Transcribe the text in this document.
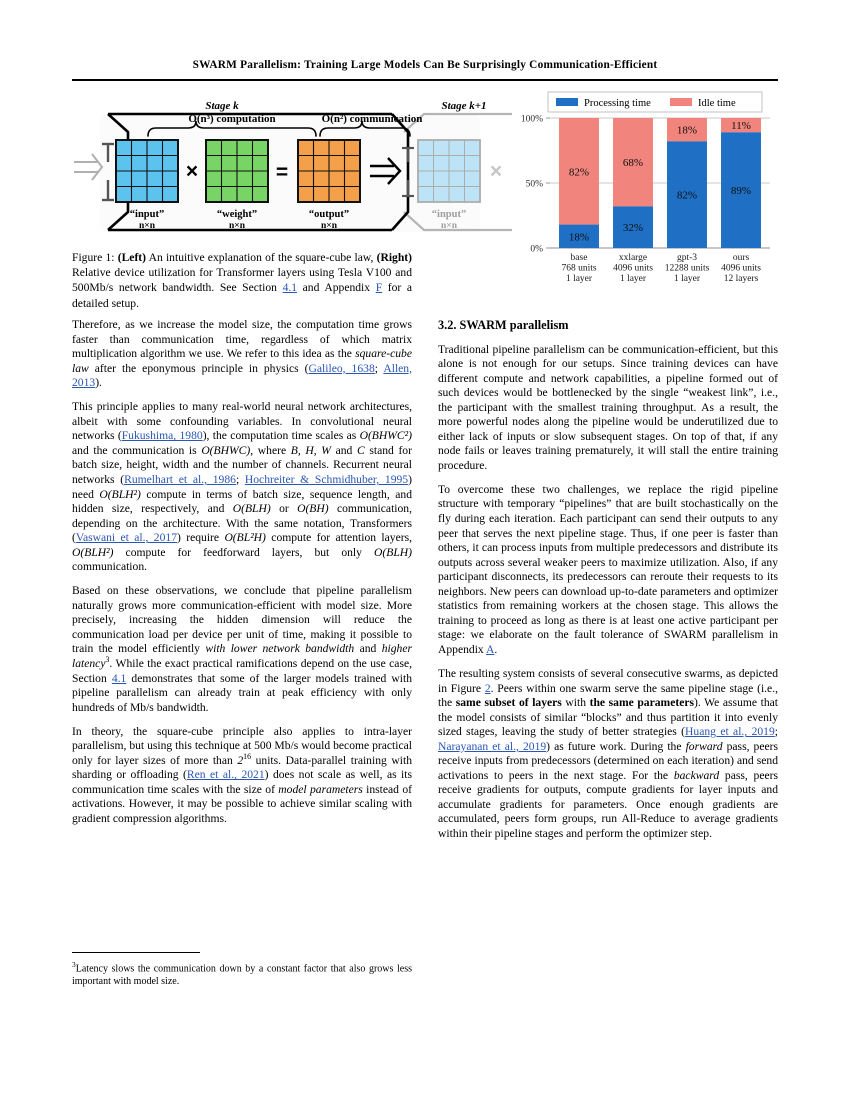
SWARM Parallelism: Training Large Models Can Be Surprisingly Communication-Efficient
Stage k	Stage k+1
O(n³) computation	O(n²) communication
“input”
n×n
×
“weight”
n×n
=
“output”
n×n
“input”
n×n
×
Processing time	Idle time
0%
50%
100%
82%
18%
68%
32%
18%
82%
11%
89%
base
768 units
1 layer
xxlarge
4096 units
1 layer
gpt-3
12288 units
1 layer
ours
4096 units
12 layers
Figure 1: (Left) An intuitive explanation of the square-cube law, (Right) Relative device utilization for Transformer layers using Tesla V100 and 500Mb/s network bandwidth. See Section 4.1 and Appendix F for a detailed setup.

Therefore, as we increase the model size, the computation time grows faster than communication time, regardless of which matrix multiplication algorithm we use. We refer to this idea as the square-cube law after the eponymous principle in physics (Galileo, 1638; Allen, 2013).

This principle applies to many real-world neural network architectures, albeit with some confounding variables. In convolutional neural networks (Fukushima, 1980), the computation time scales as O(BHWC²) and the communication is O(BHWC), where B, H, W and C stand for batch size, height, width and the number of channels. Recurrent neural networks (Rumelhart et al., 1986; Hochreiter & Schmidhuber, 1995) need O(BLH²) compute in terms of batch size, sequence length, and hidden size, respectively, and O(BLH) or O(BH) communication, depending on the architecture. With the same notation, Transformers (Vaswani et al., 2017) require O(BL²H) compute for attention layers, O(BLH²) compute for feedforward layers, but only O(BLH) communication.

Based on these observations, we conclude that pipeline parallelism naturally grows more communication-efficient with model size. More precisely, increasing the hidden dimension will reduce the communication load per device per unit of time, making it possible to train the model efficiently with lower network bandwidth and higher latency$^3$. While the exact practical ramifications depend on the use case, Section 4.1 demonstrates that some of the larger models trained with pipeline parallelism can already train at peak efficiency with only hundreds of Mb/s bandwidth.

In theory, the square-cube principle also applies to intra-layer parallelism, but using this technique at 500 Mb/s would become practical only for layer sizes of more than $2^{16}$ units. Data-parallel training with sharding or offloading (Ren et al., 2021) does not scale as well, as its communication time scales with the size of model parameters instead of activations. However, it may be possible to achieve similar scaling with gradient compression algorithms.

$^3$Latency slows the communication down by a constant factor that also grows less important with model size.
3.2. SWARM parallelism

Traditional pipeline parallelism can be communication-efficient, but this alone is not enough for our setups. Since training devices can have different compute and network capabilities, a pipeline formed out of such devices would be bottlenecked by the single “weakest link”, i.e., the participant with the smallest training throughput. As a result, the more powerful nodes along the pipeline would be underutilized due to either lack of inputs or slow subsequent stages. On top of that, if any node fails or leaves training prematurely, it will stall the entire training procedure.

To overcome these two challenges, we replace the rigid pipeline structure with temporary “pipelines” that are built stochastically on the fly during each iteration. Each participant can send their outputs to any peer that serves the next pipeline stage. Thus, if one peer is faster than others, it can process inputs from multiple predecessors and distribute its outputs across several weaker peers to maximize utilization. Also, if any participant disconnects, its predecessors can reroute their requests to its neighbors. New peers can download up-to-date parameters and optimizer statistics from remaining workers at the chosen stage. This allows the training to proceed as long as there is at least one active participant per stage: we elaborate on the fault tolerance of SWARM parallelism in Appendix A.

The resulting system consists of several consecutive swarms, as depicted in Figure 2. Peers within one swarm serve the same pipeline stage (i.e., the same subset of layers with the same parameters). We assume that the model consists of similar “blocks” and thus partition it into evenly sized stages, leaving the study of better strategies (Huang et al., 2019; Narayanan et al., 2019) as future work. During the forward pass, peers receive inputs from predecessors (determined on each iteration) and send activations to peers in the next stage. For the backward pass, peers receive gradients for outputs, compute gradients for layer inputs and accumulate gradients for parameters. Once enough gradients are accumulated, peers form groups, run All-Reduce to average gradients within their pipeline stages and perform the optimizer step.
